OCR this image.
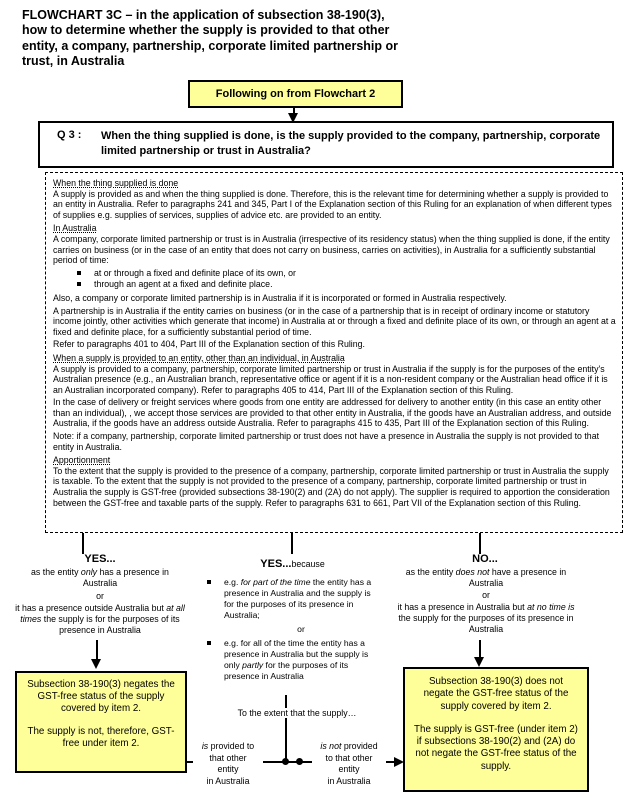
FLOWCHART 3C – in the application of subsection 38-190(3),
how to determine whether the supply is provided to that other
entity, a company, partnership, corporate limited partnership or
trust, in Australia
Following on from Flowchart 2
Q 3 :	When the thing supplied is done, is the supply provided to the company, partnership, corporate limited partnership or trust in Australia?
When the thing supplied is done
A supply is provided as and when the thing supplied is done. Therefore, this is the relevant time for determining whether a supply is provided to an entity in Australia. Refer to paragraphs 241 and 345, Part I of the Explanation section of this Ruling for an explanation of when different types of supplies e.g. supplies of services, supplies of advice etc. are provided to an entity.
In Australia
A company, corporate limited partnership or trust is in Australia (irrespective of its residency status) when the thing supplied is done, if the entity carries on business (or in the case of an entity that does not carry on business, carries on activities), in Australia for a sufficiently substantial period of time:
at or through a fixed and definite place of its own, or
through an agent at a fixed and definite place.
Also, a company or corporate limited partnership is in Australia if it is incorporated or formed in Australia respectively.
A partnership is in Australia if the entity carries on business (or in the case of a partnership that is in receipt of ordinary income or statutory income jointly, other activities which generate that income) in Australia at or through a fixed and definite place of its own, or through an agent at a fixed and definite place, for a sufficiently substantial period of time.
Refer to paragraphs 401 to 404, Part III of the Explanation section of this Ruling.
When a supply is provided to an entity, other than an individual, in Australia
A supply is provided to a company, partnership, corporate limited partnership or trust in Australia if the supply is for the purposes of the entity's Australian presence (e.g., an Australian branch, representative office or agent if it is a non-resident company or the Australian head office if it is an Australian incorporated company). Refer to paragraphs 405 to 414, Part III of the Explanation section of this Ruling.
In the case of delivery or freight services where goods from one entity are addressed for delivery to another entity (in this case an entity other than an individual), , we accept those services are provided to that other entity in Australia, if the goods have an Australian address, and outside Australia, if the goods have an address outside Australia. Refer to paragraphs 415 to 435, Part III of the Explanation section of this Ruling.
Note: if a company, partnership, corporate limited partnership or trust does not have a presence in Australia the supply is not provided to that entity in Australia.
Apportionment
To the extent that the supply is provided to the presence of a company, partnership, corporate limited partnership or trust in Australia the supply is taxable. To the extent that the supply is not provided to the presence of a company, partnership, corporate limited partnership or trust in Australia the supply is GST-free (provided subsections 38-190(2) and (2A) do not apply). The supplier is required to apportion the consideration between the GST-free and taxable parts of the supply. Refer to paragraphs 631 to 661, Part VII of the Explanation section of this Ruling.
YES...
as the entity only has a presence in Australia
or
it has a presence outside Australia but at all times the supply is for the purposes of its presence in Australia

Subsection 38-190(3) negates the GST-free status of the supply covered by item 2.

The supply is not, therefore, GST-free under item 2.

YES...because
e.g. for part of the time the entity has a presence in Australia and the supply is for the purposes of its presence in Australia;
or
e.g. for all of the time the entity has a presence in Australia but the supply is only partly for the purposes of its presence in Australia
To the extent that the supply…
is provided to
that other
entity
in Australia
is not provided
to that other
entity
in Australia
NO...
as the entity does not have a presence in Australia
or
it has a presence in Australia but at no time is the supply for the purposes of its presence in Australia

Subsection 38-190(3) does not negate the GST-free status of the supply covered by item 2.

The supply is GST-free (under item 2) if subsections 38-190(2) and (2A) do not negate the GST-free status of the supply.
